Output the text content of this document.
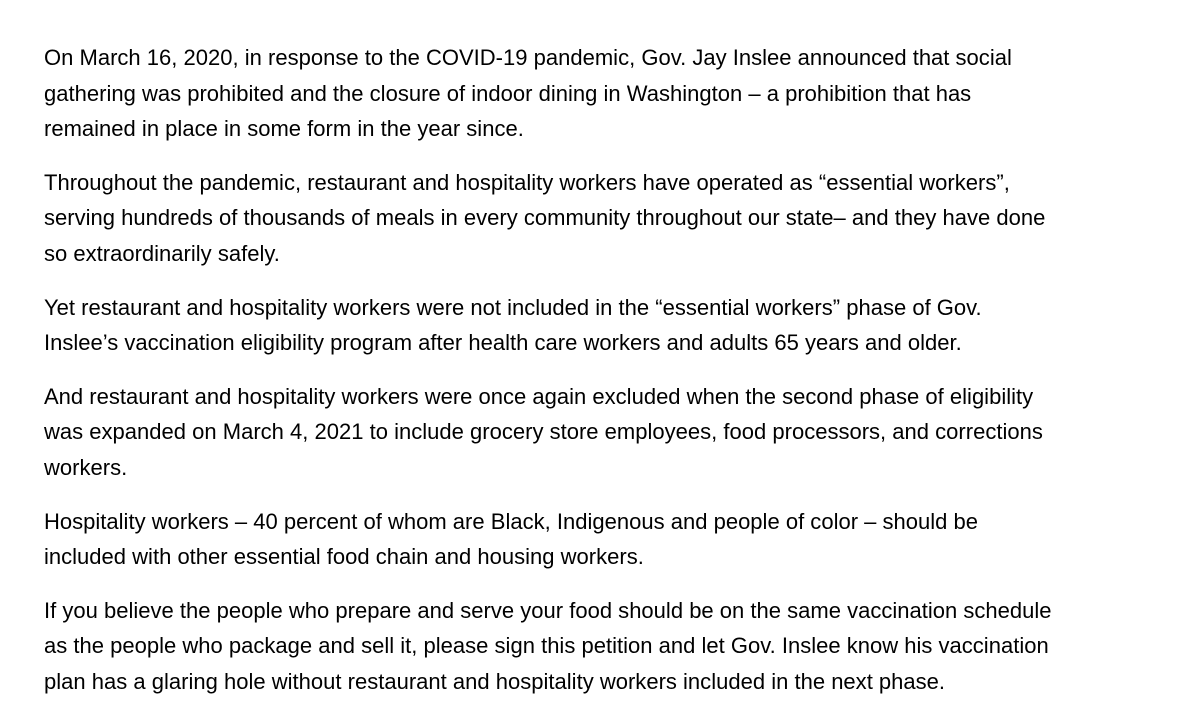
On March 16, 2020, in response to the COVID-19 pandemic, Gov. Jay Inslee announced that social
gathering was prohibited and the closure of indoor dining in Washington – a prohibition that has
remained in place in some form in the year since.

Throughout the pandemic, restaurant and hospitality workers have operated as “essential workers”,
serving hundreds of thousands of meals in every community throughout our state– and they have done
so extraordinarily safely.

Yet restaurant and hospitality workers were not included in the “essential workers” phase of Gov.
Inslee’s vaccination eligibility program after health care workers and adults 65 years and older.

And restaurant and hospitality workers were once again excluded when the second phase of eligibility
was expanded on March 4, 2021 to include grocery store employees, food processors, and corrections
workers.

Hospitality workers – 40 percent of whom are Black, Indigenous and people of color – should be
included with other essential food chain and housing workers.

If you believe the people who prepare and serve your food should be on the same vaccination schedule
as the people who package and sell it, please sign this petition and let Gov. Inslee know his vaccination
plan has a glaring hole without restaurant and hospitality workers included in the next phase.
